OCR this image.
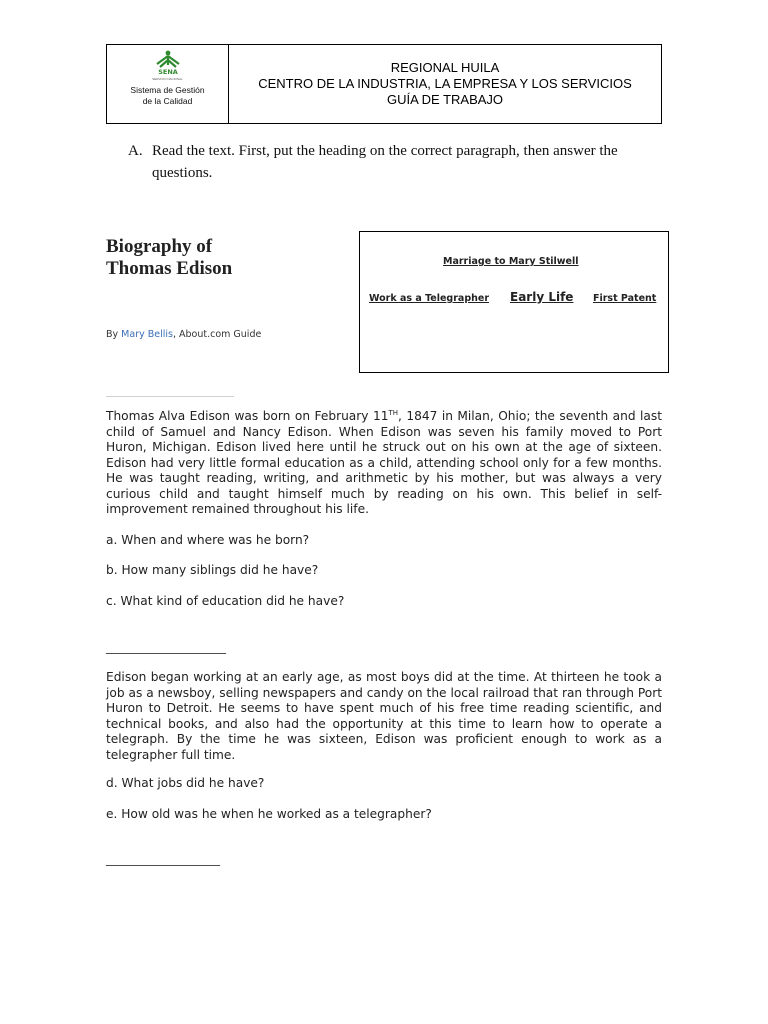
SENA
SERVICIO NACIONAL
Sistema de Gestión
de la Calidad
REGIONAL HUILA
CENTRO DE LA INDUSTRIA, LA EMPRESA Y LOS SERVICIOS
GUÍA DE TRABAJO
A. Read the text. First, put the heading on the correct paragraph, then answer the questions.
Biography of
Thomas Edison
By Mary Bellis, About.com Guide
Marriage to Mary Stilwell
Work as a Telegrapher Early Life First Patent

Thomas Alva Edison was born on February 11TH, 1847 in Milan, Ohio; the seventh and last child of Samuel and Nancy Edison. When Edison was seven his family moved to Port Huron, Michigan. Edison lived here until he struck out on his own at the age of sixteen. Edison had very little formal education as a child, attending school only for a few months. He was taught reading, writing, and arithmetic by his mother, but was always a very curious child and taught himself much by reading on his own. This belief in self-improvement remained throughout his life.

a. When and where was he born?
b. How many siblings did he have?
c. What kind of education did he have?
____________________

Edison began working at an early age, as most boys did at the time. At thirteen he took a job as a newsboy, selling newspapers and candy on the local railroad that ran through Port Huron to Detroit. He seems to have spent much of his free time reading scientific, and technical books, and also had the opportunity at this time to learn how to operate a telegraph. By the time he was sixteen, Edison was proficient enough to work as a telegrapher full time.

d. What jobs did he have?
e. How old was he when he worked as a telegrapher?
___________________
